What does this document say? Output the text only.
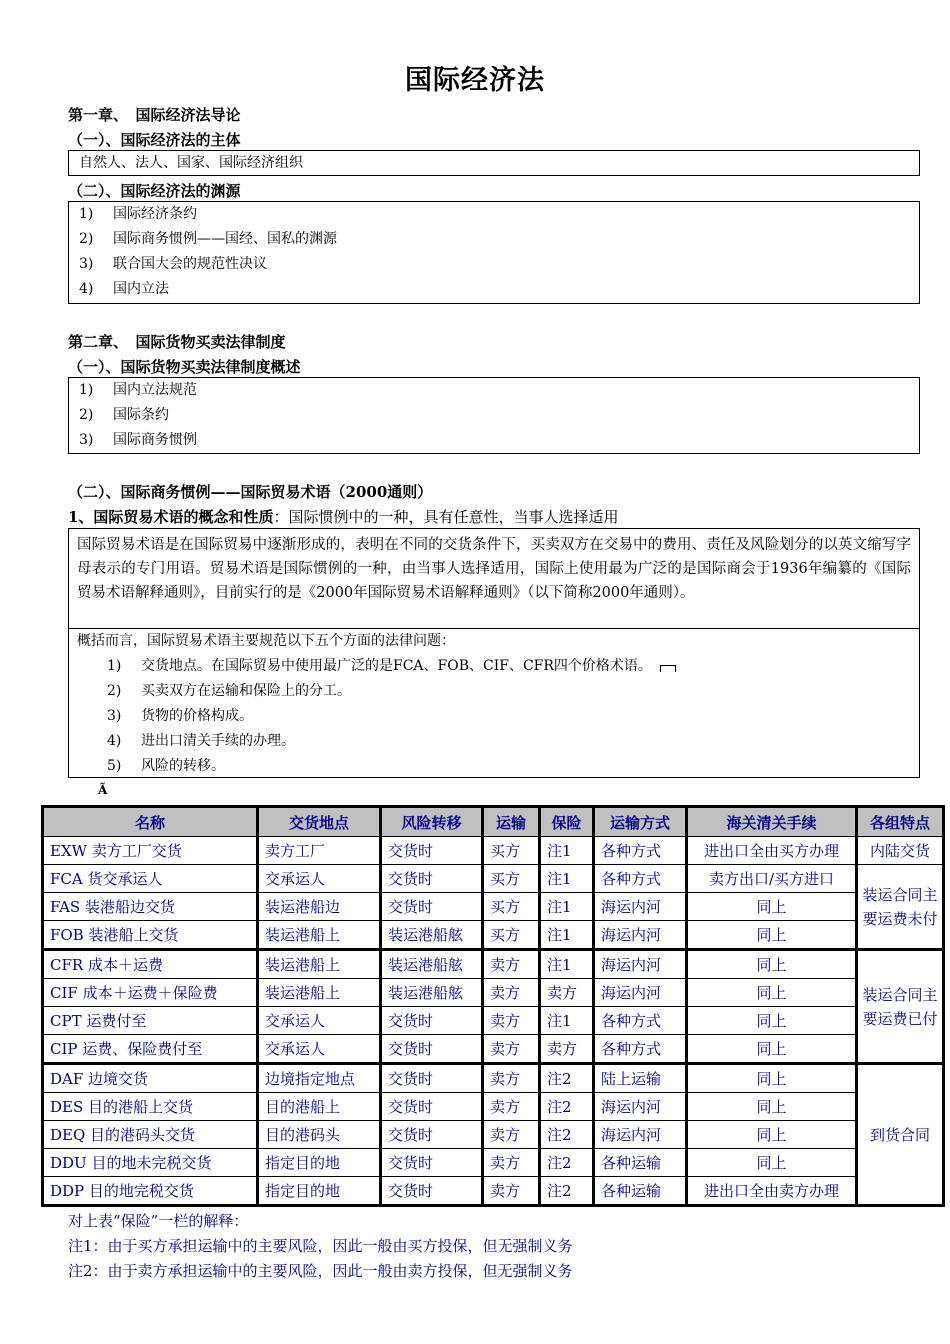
国际经济法
第一章、　国际经济法导论
（一）、国际经济法的主体
自然人、法人、国家、国际经济组织
（二）、国际经济法的渊源
1) 国际经济条约
2) 国际商务惯例——国经、国私的渊源
3) 联合国大会的规范性决议
4) 国内立法
第二章、　国际货物买卖法律制度
（一）、国际货物买卖法律制度概述
1) 国内立法规范
2) 国际条约
3) 国际商务惯例
（二）、国际商务惯例——国际贸易术语（2000通则）
1、国际贸易术语的概念和性质：国际惯例中的一种，具有任意性，当事人选择适用
国际贸易术语是在国际贸易中逐渐形成的，表明在不同的交货条件下，买卖双方在交易中的费用、责任及风险划分的以英文缩写字母表示的专门用语。贸易术语是国际惯例的一种，由当事人选择适用，国际上使用最为广泛的是国际商会于1936年编纂的《国际贸易术语解释通则》，目前实行的是《2000年国际贸易术语解释通则》（以下简称2000年通则）。
概括而言，国际贸易术语主要规范以下五个方面的法律问题：
1) 交货地点。在国际贸易中使用最广泛的是FCA、FOB、CIF、CFR四个价格术语。
2) 买卖双方在运输和保险上的分工。
3) 货物的价格构成。
4) 进出口清关手续的办理。
5) 风险的转移。
Ã
名称	交货地点	风险转移	运输	保险	运输方式	海关清关手续	各组特点
EXW 卖方工厂交货	卖方工厂	交货时	买方	注1	各种方式	进出口全由买方办理	内陆交货
FCA 货交承运人	交承运人	交货时	买方	注1	各种方式	卖方出口/买方进口	装运合同主要运费未付
FAS 装港船边交货	装运港船边	交货时	买方	注1	海运内河	同上	
FOB 装港船上交货	装运港船上	装运港船舷	买方	注1	海运内河	同上	
CFR 成本＋运费	装运港船上	装运港船舷	卖方	注1	海运内河	同上	装运合同主要运费已付
CIF 成本＋运费＋保险费	装运港船上	装运港船舷	卖方	卖方	海运内河	同上	
CPT 运费付至	交承运人	交货时	卖方	注1	各种方式	同上	
CIP 运费、保险费付至	交承运人	交货时	卖方	卖方	各种方式	同上	
DAF 边境交货	边境指定地点	交货时	卖方	注2	陆上运输	同上	到货合同
DES 目的港船上交货	目的港船上	交货时	卖方	注2	海运内河	同上	
DEQ 目的港码头交货	目的港码头	交货时	卖方	注2	海运内河	同上	
DDU 目的地未完税交货	指定目的地	交货时	卖方	注2	各种运输	同上	
DDP 目的地完税交货	指定目的地	交货时	卖方	注2	各种运输	进出口全由卖方办理	
对上表“保险”一栏的解释：
注1：由于买方承担运输中的主要风险，因此一般由买方投保，但无强制义务
注2：由于卖方承担运输中的主要风险，因此一般由卖方投保，但无强制义务
